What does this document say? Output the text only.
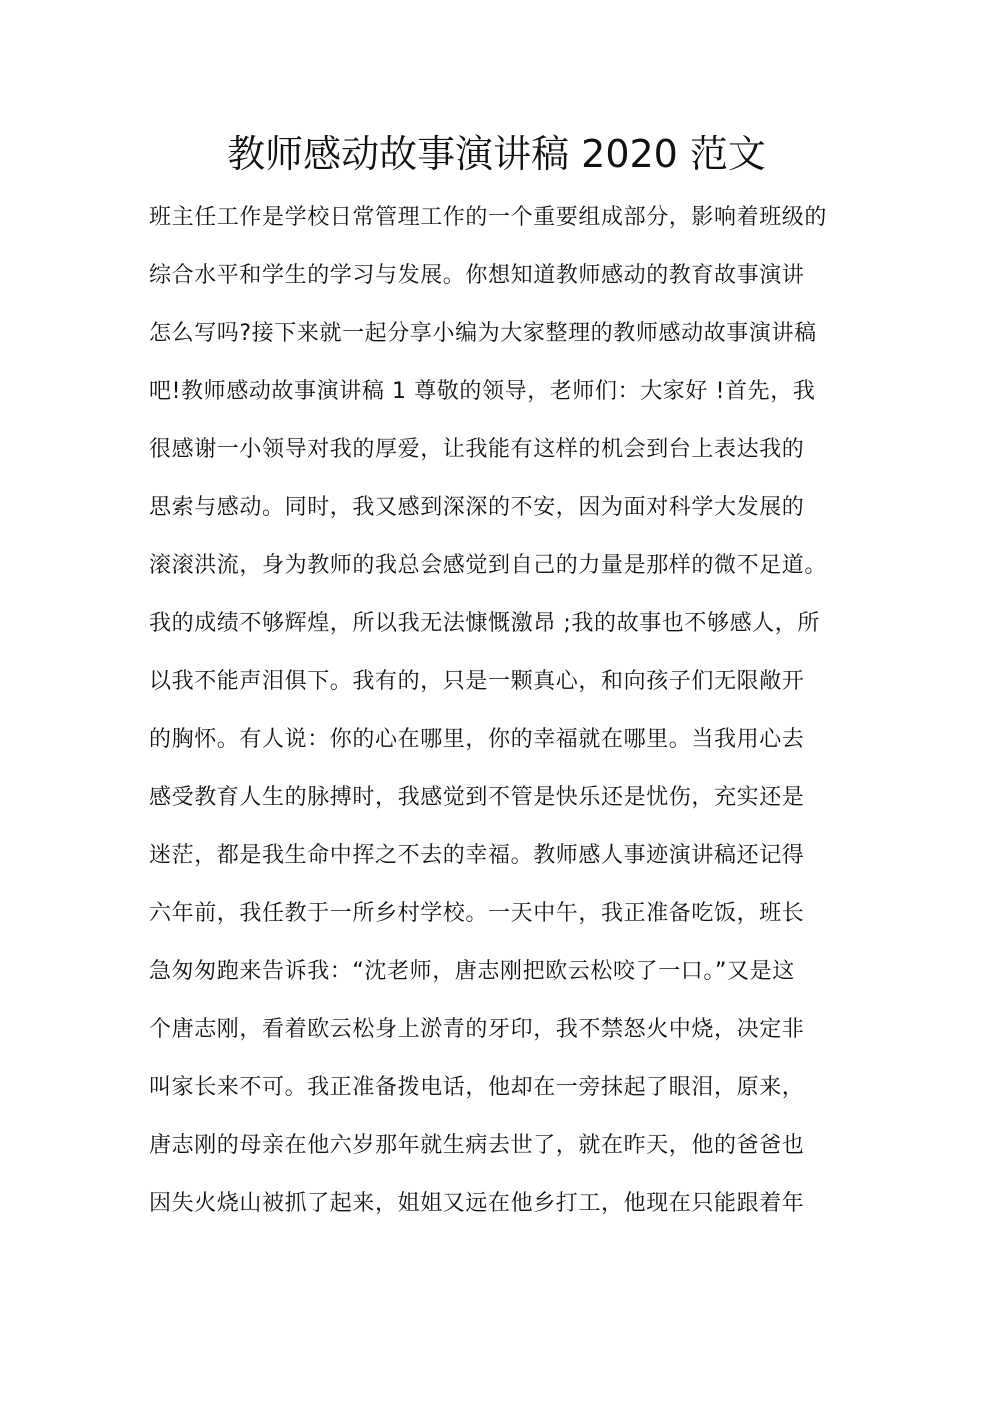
教师感动故事演讲稿 2020 范文
班主任工作是学校日常管理工作的一个重要组成部分，影响着班级的
综合水平和学生的学习与发展。你想知道教师感动的教育故事演讲
怎么写吗?接下来就一起分享小编为大家整理的教师感动故事演讲稿
吧!教师感动故事演讲稿 1 尊敬的领导，老师们：大家好 !首先，我
很感谢一小领导对我的厚爱，让我能有这样的机会到台上表达我的
思索与感动。同时，我又感到深深的不安，因为面对科学大发展的
滚滚洪流，身为教师的我总会感觉到自己的力量是那样的微不足道。
我的成绩不够辉煌，所以我无法慷慨激昂 ;我的故事也不够感人，所
以我不能声泪俱下。我有的，只是一颗真心，和向孩子们无限敞开
的胸怀。有人说：你的心在哪里，你的幸福就在哪里。当我用心去
感受教育人生的脉搏时，我感觉到不管是快乐还是忧伤，充实还是
迷茫，都是我生命中挥之不去的幸福。教师感人事迹演讲稿还记得
六年前，我任教于一所乡村学校。一天中午，我正准备吃饭，班长
急匆匆跑来告诉我：“沈老师，唐志刚把欧云松咬了一口。”又是这
个唐志刚，看着欧云松身上淤青的牙印，我不禁怒火中烧，决定非
叫家长来不可。我正准备拨电话，他却在一旁抹起了眼泪，原来，
唐志刚的母亲在他六岁那年就生病去世了，就在昨天，他的爸爸也
因失火烧山被抓了起来，姐姐又远在他乡打工，他现在只能跟着年
